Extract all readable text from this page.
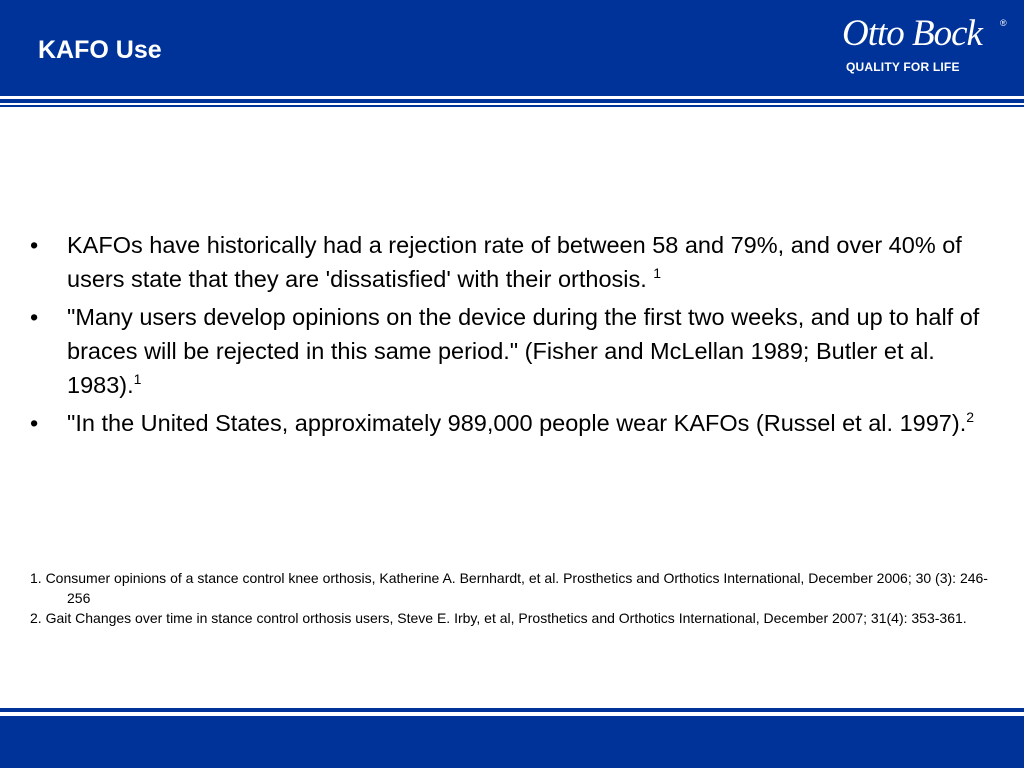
KAFO Use	Otto Bock ®
QUALITY FOR LIFE
• KAFOs have historically had a rejection rate of between 58 and 79%, and over 40% of users state that they are 'dissatisfied' with their orthosis. $^1$
• "Many users develop opinions on the device during the first two weeks, and up to half of braces will be rejected in this same period." (Fisher and McLellan 1989; Butler et al. 1983).$^1$
• "In the United States, approximately 989,000 people wear KAFOs (Russel et al. 1997).$^2$

1. Consumer opinions of a stance control knee orthosis, Katherine A. Bernhardt, et al. Prosthetics and Orthotics International, December 2006; 30 (3): 246-256

2. Gait Changes over time in stance control orthosis users, Steve E. Irby, et al, Prosthetics and Orthotics International, December 2007; 31(4): 353-361.
